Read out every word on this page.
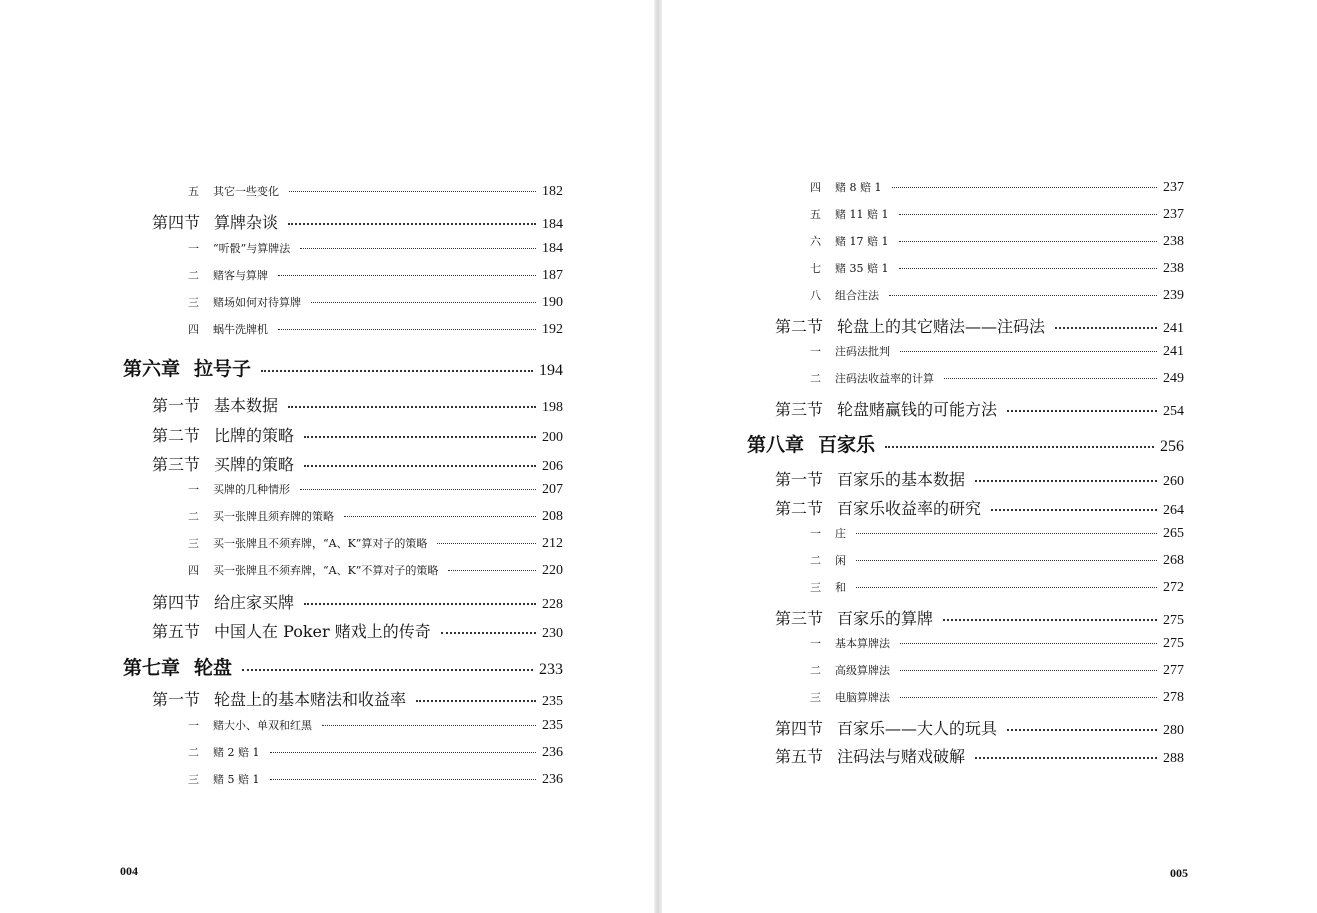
004
五 其它一些变化	182
第四节 算牌杂谈	184
一 “听骰”与算牌法	184
二 赌客与算牌	187
三 赌场如何对待算牌	190
四 蜗牛洗牌机	192
第六章 拉号子	194
第一节 基本数据	198
第二节 比牌的策略	200
第三节 买牌的策略	206
一 买牌的几种情形	207
二 买一张牌且须弃牌的策略	208
三 买一张牌且不须弃牌，“A、K”算对子的策略	212
四 买一张牌且不须弃牌，“A、K”不算对子的策略	220
第四节 给庄家买牌	228
第五节 中国人在 Poker 赌戏上的传奇	230
第七章 轮盘	233
第一节 轮盘上的基本赌法和收益率	235
一 赌大小、单双和红黑	235
二 赌 2 赔 1	236
三 赌 5 赔 1	236
005
四 赌 8 赔 1	237
五 赌 11 赔 1	237
六 赌 17 赔 1	238
七 赌 35 赔 1	238
八 组合注法	239
第二节 轮盘上的其它赌法——注码法	241
一 注码法批判	241
二 注码法收益率的计算	249
第三节 轮盘赌赢钱的可能方法	254
第八章 百家乐	256
第一节 百家乐的基本数据	260
第二节 百家乐收益率的研究	264
一 庄	265
二 闲	268
三 和	272
第三节 百家乐的算牌	275
一 基本算牌法	275
二 高级算牌法	277
三 电脑算牌法	278
第四节 百家乐——大人的玩具	280
第五节 注码法与赌戏破解	288
